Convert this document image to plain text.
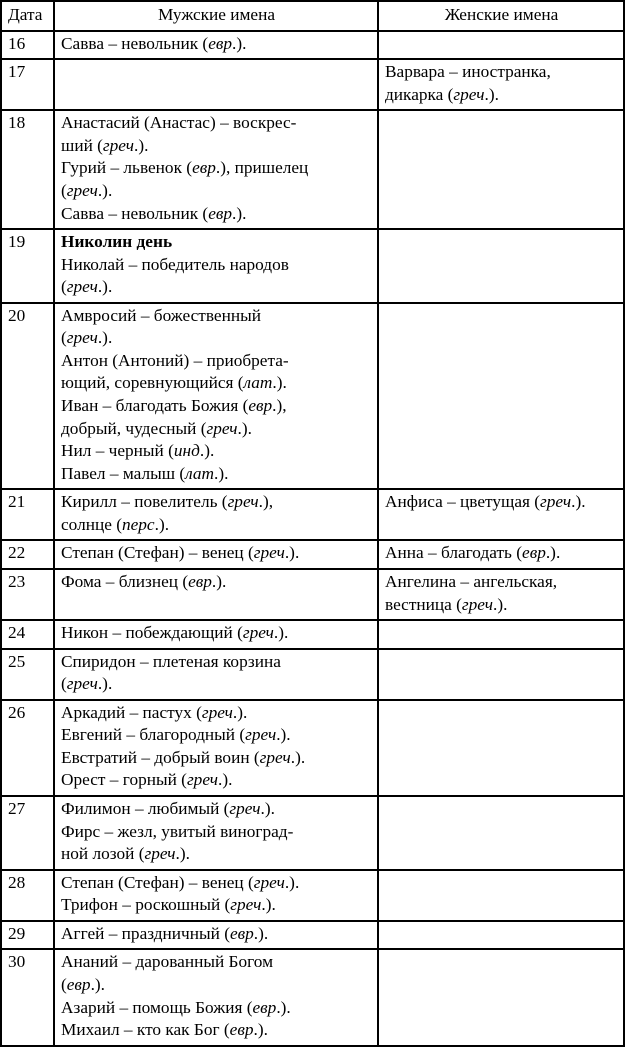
Дата	Мужские имена	Женские имена
16	Савва – невольник (евр.).	

17		Варвара – иностранка,
дикарка (греч.).

18	Анастасий (Анастас) – воскрес-
ший (греч.).
Гурий – львенок (евр.), пришелец
(греч.).
Савва – невольник (евр.).	

19	Николин день
Николай – победитель народов
(греч.).	

20	Амвросий – божественный
(греч.).
Антон (Антоний) – приобрета-
ющий, соревнующийся (лат.).
Иван – благодать Божия (евр.),
добрый, чудесный (греч.).
Нил – черный (инд.).
Павел – малыш (лат.).

21	Кирилл – повелитель (греч.),
солнце (перс.).	Анфиса – цветущая (греч.).

22	Степан (Стефан) – венец (греч.).	Анна – благодать (евр.).

23	Фома – близнец (евр.).	Ангелина – ангельская,
вестница (греч.).

24	Никон – побеждающий (греч.).	

25	Спиридон – плетеная корзина
(греч.).	

26	Аркадий – пастух (греч.).
Евгений – благородный (греч.).
Евстратий – добрый воин (греч.).
Орест – горный (греч.).	

27	Филимон – любимый (греч.).
Фирс – жезл, увитый виноград-
ной лозой (греч.).	

28	Степан (Стефан) – венец (греч.).
Трифон – роскошный (греч.).	

29	Аггей – праздничный (евр.).	

30	Ананий – дарованный Богом
(евр.).
Азарий – помощь Божия (евр.).
Михаил – кто как Бог (евр.).	
